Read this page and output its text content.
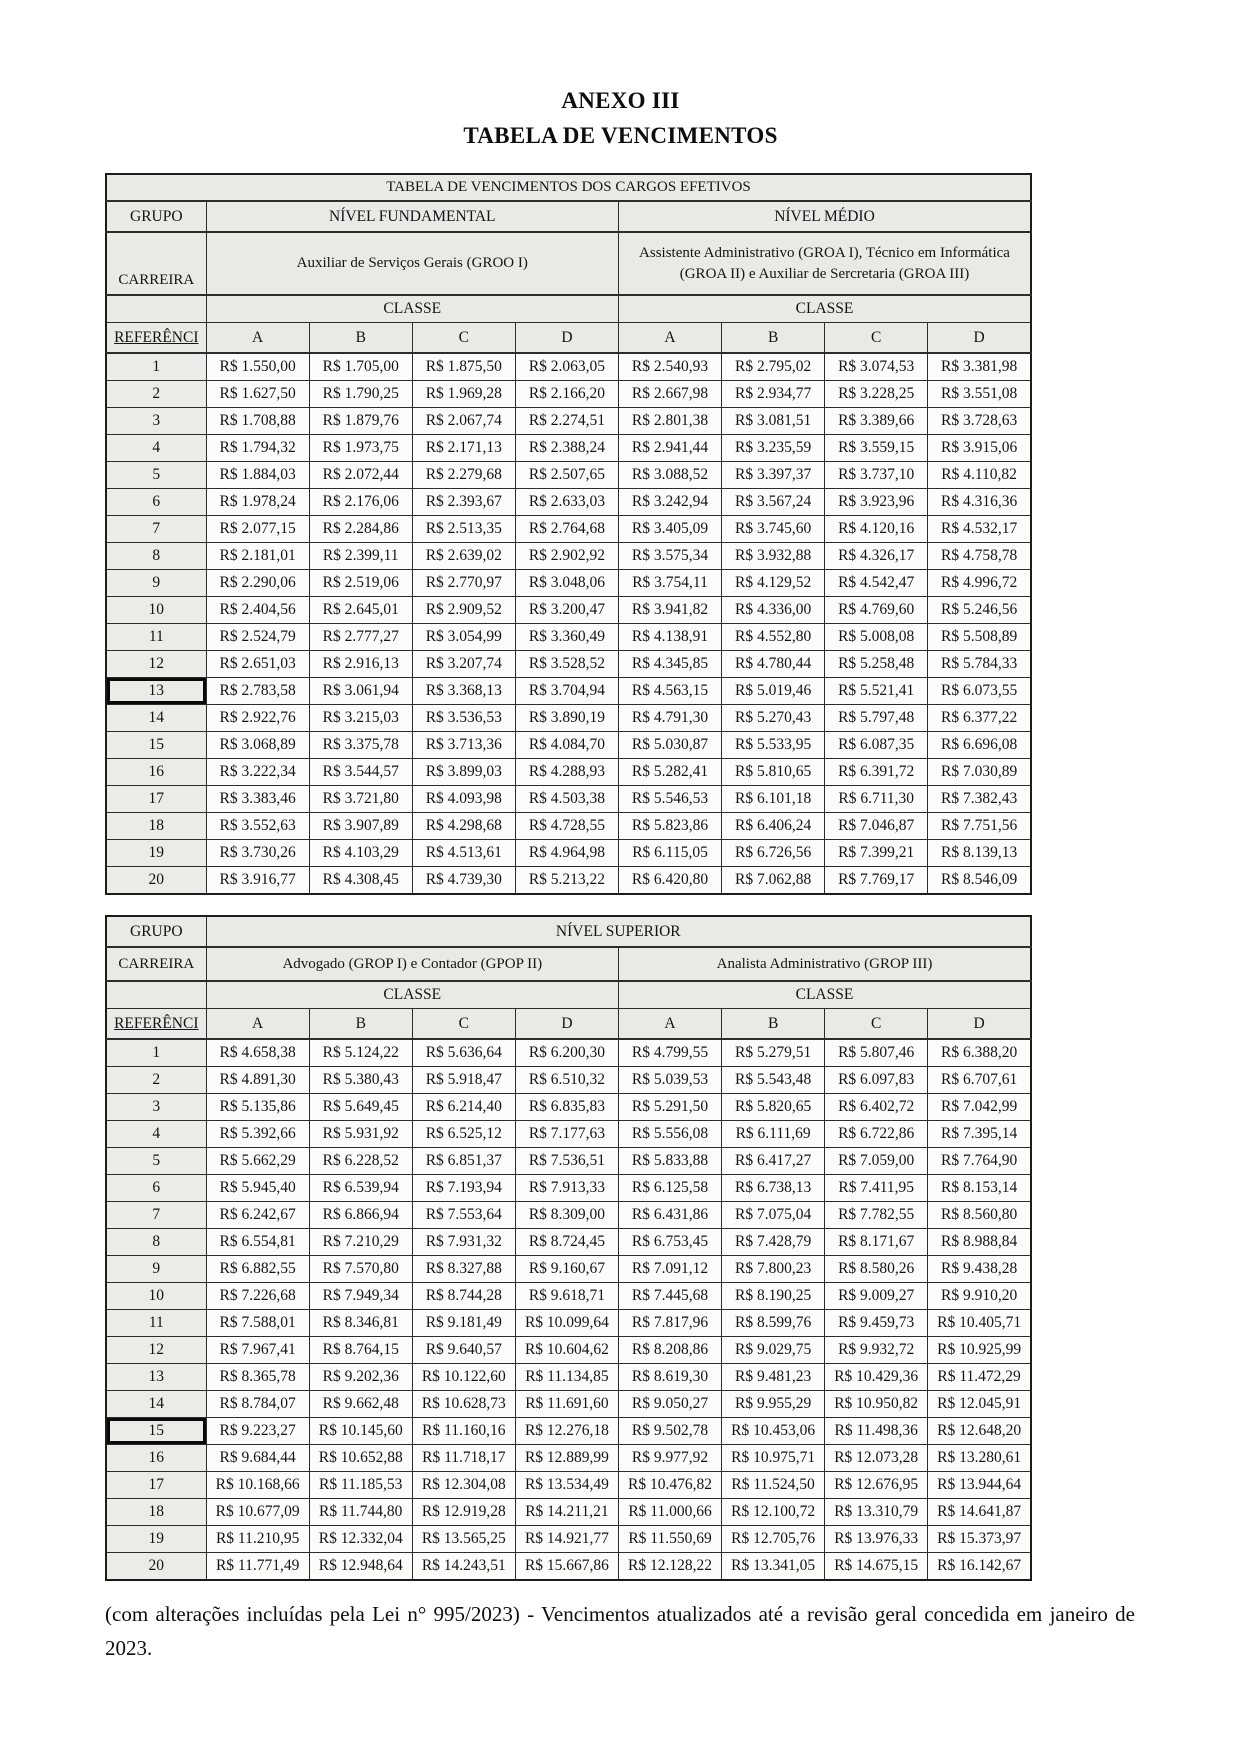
ANEXO III
TABELA DE VENCIMENTOS
TABELA DE VENCIMENTOS DOS CARGOS EFETIVOS								
GRUPO	NÍVEL FUNDAMENTAL				NÍVEL MÉDIO			
CARREIRA	Auxiliar de Serviços Gerais (GROO I)				Assistente Administrativo (GROA I), Técnico em Informática (GROA II) e Auxiliar de Sercretaria (GROA III)			
	CLASSE				CLASSE			
REFERÊNCI	A	B	C	D	A	B	C	D
1	R$ 1.550,00	R$ 1.705,00	R$ 1.875,50	R$ 2.063,05	R$ 2.540,93	R$ 2.795,02	R$ 3.074,53	R$ 3.381,98
2	R$ 1.627,50	R$ 1.790,25	R$ 1.969,28	R$ 2.166,20	R$ 2.667,98	R$ 2.934,77	R$ 3.228,25	R$ 3.551,08
3	R$ 1.708,88	R$ 1.879,76	R$ 2.067,74	R$ 2.274,51	R$ 2.801,38	R$ 3.081,51	R$ 3.389,66	R$ 3.728,63
4	R$ 1.794,32	R$ 1.973,75	R$ 2.171,13	R$ 2.388,24	R$ 2.941,44	R$ 3.235,59	R$ 3.559,15	R$ 3.915,06
5	R$ 1.884,03	R$ 2.072,44	R$ 2.279,68	R$ 2.507,65	R$ 3.088,52	R$ 3.397,37	R$ 3.737,10	R$ 4.110,82
6	R$ 1.978,24	R$ 2.176,06	R$ 2.393,67	R$ 2.633,03	R$ 3.242,94	R$ 3.567,24	R$ 3.923,96	R$ 4.316,36
7	R$ 2.077,15	R$ 2.284,86	R$ 2.513,35	R$ 2.764,68	R$ 3.405,09	R$ 3.745,60	R$ 4.120,16	R$ 4.532,17
8	R$ 2.181,01	R$ 2.399,11	R$ 2.639,02	R$ 2.902,92	R$ 3.575,34	R$ 3.932,88	R$ 4.326,17	R$ 4.758,78
9	R$ 2.290,06	R$ 2.519,06	R$ 2.770,97	R$ 3.048,06	R$ 3.754,11	R$ 4.129,52	R$ 4.542,47	R$ 4.996,72
10	R$ 2.404,56	R$ 2.645,01	R$ 2.909,52	R$ 3.200,47	R$ 3.941,82	R$ 4.336,00	R$ 4.769,60	R$ 5.246,56
11	R$ 2.524,79	R$ 2.777,27	R$ 3.054,99	R$ 3.360,49	R$ 4.138,91	R$ 4.552,80	R$ 5.008,08	R$ 5.508,89
12	R$ 2.651,03	R$ 2.916,13	R$ 3.207,74	R$ 3.528,52	R$ 4.345,85	R$ 4.780,44	R$ 5.258,48	R$ 5.784,33
13	R$ 2.783,58	R$ 3.061,94	R$ 3.368,13	R$ 3.704,94	R$ 4.563,15	R$ 5.019,46	R$ 5.521,41	R$ 6.073,55
14	R$ 2.922,76	R$ 3.215,03	R$ 3.536,53	R$ 3.890,19	R$ 4.791,30	R$ 5.270,43	R$ 5.797,48	R$ 6.377,22
15	R$ 3.068,89	R$ 3.375,78	R$ 3.713,36	R$ 4.084,70	R$ 5.030,87	R$ 5.533,95	R$ 6.087,35	R$ 6.696,08
16	R$ 3.222,34	R$ 3.544,57	R$ 3.899,03	R$ 4.288,93	R$ 5.282,41	R$ 5.810,65	R$ 6.391,72	R$ 7.030,89
17	R$ 3.383,46	R$ 3.721,80	R$ 4.093,98	R$ 4.503,38	R$ 5.546,53	R$ 6.101,18	R$ 6.711,30	R$ 7.382,43
18	R$ 3.552,63	R$ 3.907,89	R$ 4.298,68	R$ 4.728,55	R$ 5.823,86	R$ 6.406,24	R$ 7.046,87	R$ 7.751,56
19	R$ 3.730,26	R$ 4.103,29	R$ 4.513,61	R$ 4.964,98	R$ 6.115,05	R$ 6.726,56	R$ 7.399,21	R$ 8.139,13
20	R$ 3.916,77	R$ 4.308,45	R$ 4.739,30	R$ 5.213,22	R$ 6.420,80	R$ 7.062,88	R$ 7.769,17	R$ 8.546,09
GRUPO	NÍVEL SUPERIOR							
CARREIRA	Advogado (GROP I) e Contador (GPOP II)				Analista Administrativo (GROP III)			
	CLASSE				CLASSE			
REFERÊNCI	A	B	C	D	A	B	C	D
1	R$ 4.658,38	R$ 5.124,22	R$ 5.636,64	R$ 6.200,30	R$ 4.799,55	R$ 5.279,51	R$ 5.807,46	R$ 6.388,20
2	R$ 4.891,30	R$ 5.380,43	R$ 5.918,47	R$ 6.510,32	R$ 5.039,53	R$ 5.543,48	R$ 6.097,83	R$ 6.707,61
3	R$ 5.135,86	R$ 5.649,45	R$ 6.214,40	R$ 6.835,83	R$ 5.291,50	R$ 5.820,65	R$ 6.402,72	R$ 7.042,99
4	R$ 5.392,66	R$ 5.931,92	R$ 6.525,12	R$ 7.177,63	R$ 5.556,08	R$ 6.111,69	R$ 6.722,86	R$ 7.395,14
5	R$ 5.662,29	R$ 6.228,52	R$ 6.851,37	R$ 7.536,51	R$ 5.833,88	R$ 6.417,27	R$ 7.059,00	R$ 7.764,90
6	R$ 5.945,40	R$ 6.539,94	R$ 7.193,94	R$ 7.913,33	R$ 6.125,58	R$ 6.738,13	R$ 7.411,95	R$ 8.153,14
7	R$ 6.242,67	R$ 6.866,94	R$ 7.553,64	R$ 8.309,00	R$ 6.431,86	R$ 7.075,04	R$ 7.782,55	R$ 8.560,80
8	R$ 6.554,81	R$ 7.210,29	R$ 7.931,32	R$ 8.724,45	R$ 6.753,45	R$ 7.428,79	R$ 8.171,67	R$ 8.988,84
9	R$ 6.882,55	R$ 7.570,80	R$ 8.327,88	R$ 9.160,67	R$ 7.091,12	R$ 7.800,23	R$ 8.580,26	R$ 9.438,28
10	R$ 7.226,68	R$ 7.949,34	R$ 8.744,28	R$ 9.618,71	R$ 7.445,68	R$ 8.190,25	R$ 9.009,27	R$ 9.910,20
11	R$ 7.588,01	R$ 8.346,81	R$ 9.181,49	R$ 10.099,64	R$ 7.817,96	R$ 8.599,76	R$ 9.459,73	R$ 10.405,71
12	R$ 7.967,41	R$ 8.764,15	R$ 9.640,57	R$ 10.604,62	R$ 8.208,86	R$ 9.029,75	R$ 9.932,72	R$ 10.925,99
13	R$ 8.365,78	R$ 9.202,36	R$ 10.122,60	R$ 11.134,85	R$ 8.619,30	R$ 9.481,23	R$ 10.429,36	R$ 11.472,29
14	R$ 8.784,07	R$ 9.662,48	R$ 10.628,73	R$ 11.691,60	R$ 9.050,27	R$ 9.955,29	R$ 10.950,82	R$ 12.045,91
15	R$ 9.223,27	R$ 10.145,60	R$ 11.160,16	R$ 12.276,18	R$ 9.502,78	R$ 10.453,06	R$ 11.498,36	R$ 12.648,20
16	R$ 9.684,44	R$ 10.652,88	R$ 11.718,17	R$ 12.889,99	R$ 9.977,92	R$ 10.975,71	R$ 12.073,28	R$ 13.280,61
17	R$ 10.168,66	R$ 11.185,53	R$ 12.304,08	R$ 13.534,49	R$ 10.476,82	R$ 11.524,50	R$ 12.676,95	R$ 13.944,64
18	R$ 10.677,09	R$ 11.744,80	R$ 12.919,28	R$ 14.211,21	R$ 11.000,66	R$ 12.100,72	R$ 13.310,79	R$ 14.641,87
19	R$ 11.210,95	R$ 12.332,04	R$ 13.565,25	R$ 14.921,77	R$ 11.550,69	R$ 12.705,76	R$ 13.976,33	R$ 15.373,97
20	R$ 11.771,49	R$ 12.948,64	R$ 14.243,51	R$ 15.667,86	R$ 12.128,22	R$ 13.341,05	R$ 14.675,15	R$ 16.142,67

(com alterações incluídas pela Lei n° 995/2023) - Vencimentos atualizados até a revisão geral concedida em janeiro de 2023.
